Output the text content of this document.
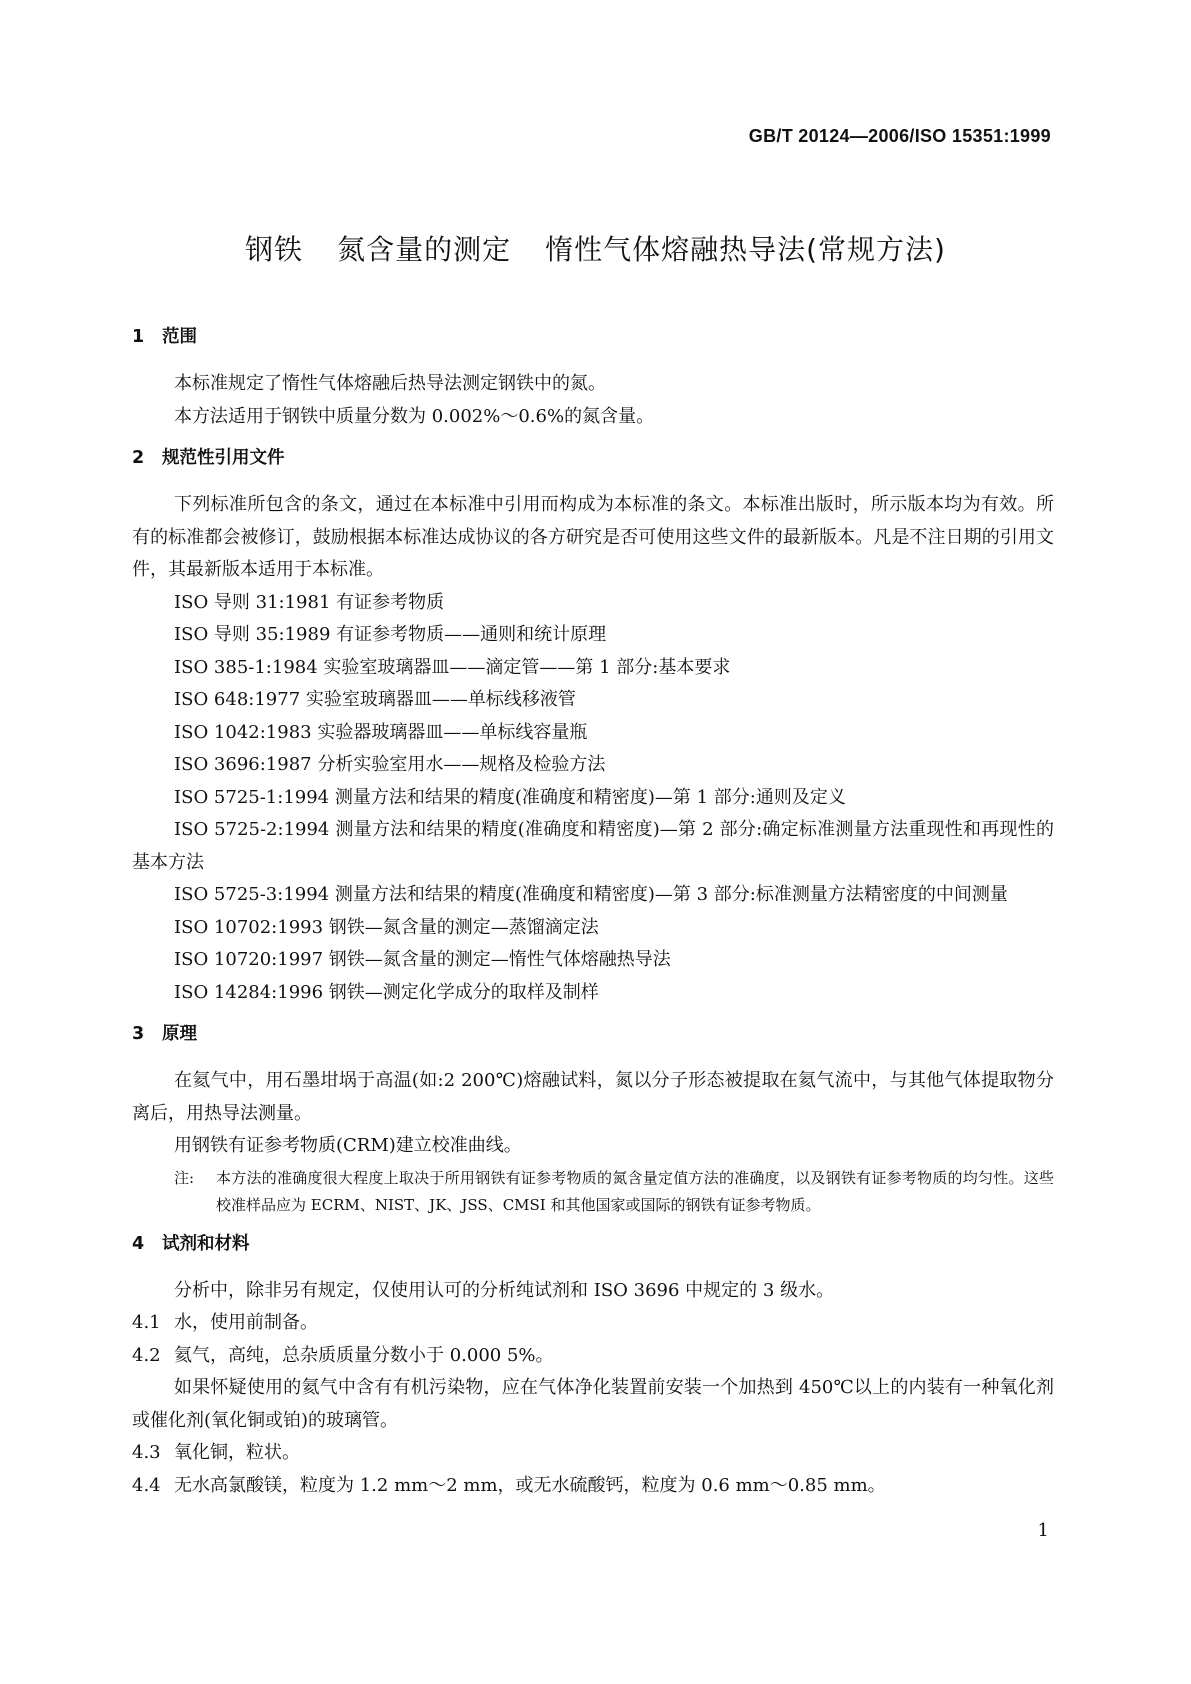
GB/T 20124—2006/ISO 15351:1999
钢铁 氮含量的测定 惰性气体熔融热导法(常规方法)
1 范围
本标准规定了惰性气体熔融后热导法测定钢铁中的氮。
本方法适用于钢铁中质量分数为 0.002%～0.6%的氮含量。
2 规范性引用文件
下列标准所包含的条文，通过在本标准中引用而构成为本标准的条文。本标准出版时，所示版本均为有效。所有的标准都会被修订，鼓励根据本标准达成协议的各方研究是否可使用这些文件的最新版本。凡是不注日期的引用文件，其最新版本适用于本标准。
ISO 导则 31:1981 有证参考物质
ISO 导则 35:1989 有证参考物质——通则和统计原理
ISO 385-1:1984 实验室玻璃器皿——滴定管——第 1 部分:基本要求
ISO 648:1977 实验室玻璃器皿——单标线移液管
ISO 1042:1983 实验器玻璃器皿——单标线容量瓶
ISO 3696:1987 分析实验室用水——规格及检验方法
ISO 5725-1:1994 测量方法和结果的精度(准确度和精密度)—第 1 部分:通则及定义
ISO 5725-2:1994 测量方法和结果的精度(准确度和精密度)—第 2 部分:确定标准测量方法重现性和再现性的基本方法
ISO 5725-3:1994 测量方法和结果的精度(准确度和精密度)—第 3 部分:标准测量方法精密度的中间测量
ISO 10702:1993 钢铁—氮含量的测定—蒸馏滴定法
ISO 10720:1997 钢铁—氮含量的测定—惰性气体熔融热导法
ISO 14284:1996 钢铁—测定化学成分的取样及制样
3 原理
在氦气中，用石墨坩埚于高温(如:2 200℃)熔融试料，氮以分子形态被提取在氦气流中，与其他气体提取物分离后，用热导法测量。
用钢铁有证参考物质(CRM)建立校准曲线。
注:	本方法的准确度很大程度上取决于所用钢铁有证参考物质的氮含量定值方法的准确度，以及钢铁有证参考物质的均匀性。这些校准样品应为 ECRM、NIST、JK、JSS、CMSI 和其他国家或国际的钢铁有证参考物质。
4 试剂和材料
分析中，除非另有规定，仅使用认可的分析纯试剂和 ISO 3696 中规定的 3 级水。
4.1 水，使用前制备。
4.2 氦气，高纯，总杂质质量分数小于 0.000 5%。
如果怀疑使用的氦气中含有有机污染物，应在气体净化装置前安装一个加热到 450℃以上的内装有一种氧化剂或催化剂(氧化铜或铂)的玻璃管。
4.3 氧化铜，粒状。
4.4 无水高氯酸镁，粒度为 1.2 mm～2 mm，或无水硫酸钙，粒度为 0.6 mm～0.85 mm。
1
